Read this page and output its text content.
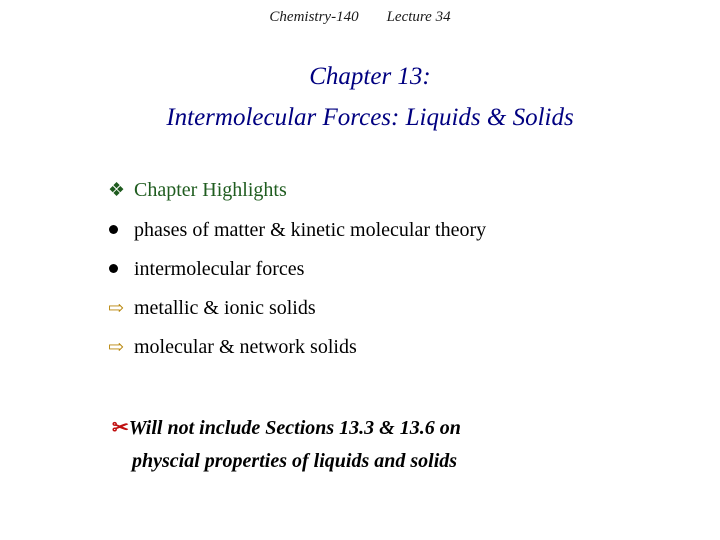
Chemistry-140 Lecture 34
Chapter 13:
Intermolecular Forces: Liquids & Solids
❖ Chapter Highlights
phases of matter & kinetic molecular theory
intermolecular forces
⇨ metallic & ionic solids
⇨ molecular & network solids
✂Will not include Sections 13.3 & 13.6 on
physcial properties of liquids and solids
